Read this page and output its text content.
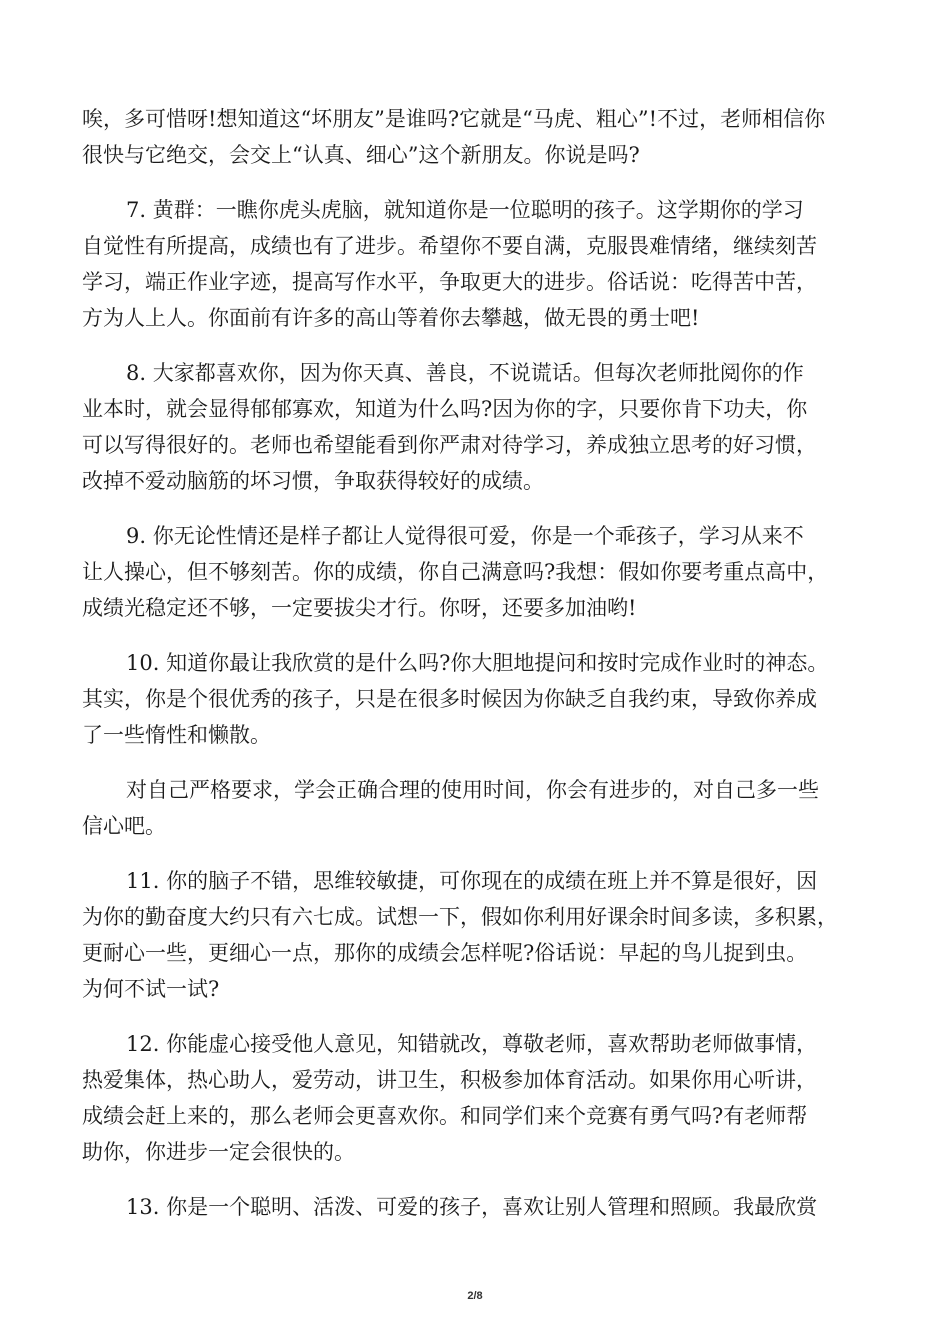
唉，多可惜呀!想知道这“坏朋友”是谁吗?它就是“马虎、粗心”!不过，老师相信你
很快与它绝交，会交上“认真、细心”这个新朋友。你说是吗?
7. 黄群：一瞧你虎头虎脑，就知道你是一位聪明的孩子。这学期你的学习
自觉性有所提高，成绩也有了进步。希望你不要自满，克服畏难情绪，继续刻苦
学习，端正作业字迹，提高写作水平，争取更大的进步。俗话说：吃得苦中苦，
方为人上人。你面前有许多的高山等着你去攀越，做无畏的勇士吧!
8. 大家都喜欢你，因为你天真、善良，不说谎话。但每次老师批阅你的作
业本时，就会显得郁郁寡欢，知道为什么吗?因为你的字，只要你肯下功夫，你
可以写得很好的。老师也希望能看到你严肃对待学习，养成独立思考的好习惯，
改掉不爱动脑筋的坏习惯，争取获得较好的成绩。
9. 你无论性情还是样子都让人觉得很可爱，你是一个乖孩子，学习从来不
让人操心，但不够刻苦。你的成绩，你自己满意吗?我想：假如你要考重点高中，
成绩光稳定还不够，一定要拔尖才行。你呀，还要多加油哟!
10. 知道你最让我欣赏的是什么吗?你大胆地提问和按时完成作业时的神态。
其实，你是个很优秀的孩子，只是在很多时候因为你缺乏自我约束，导致你养成
了一些惰性和懒散。
对自己严格要求，学会正确合理的使用时间，你会有进步的，对自己多一些
信心吧。
11. 你的脑子不错，思维较敏捷，可你现在的成绩在班上并不算是很好，因
为你的勤奋度大约只有六七成。试想一下，假如你利用好课余时间多读，多积累，
更耐心一些，更细心一点，那你的成绩会怎样呢?俗话说：早起的鸟儿捉到虫。
为何不试一试?
12. 你能虚心接受他人意见，知错就改，尊敬老师，喜欢帮助老师做事情，
热爱集体，热心助人，爱劳动，讲卫生，积极参加体育活动。如果你用心听讲，
成绩会赶上来的，那么老师会更喜欢你。和同学们来个竞赛有勇气吗?有老师帮
助你，你进步一定会很快的。
13. 你是一个聪明、活泼、可爱的孩子，喜欢让别人管理和照顾。我最欣赏
2/8
